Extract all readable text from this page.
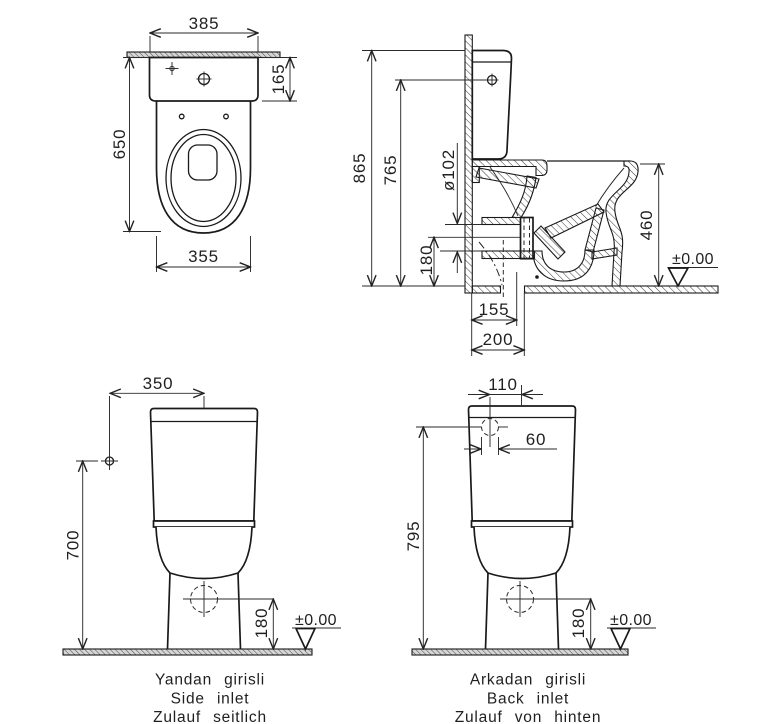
385
165
650
355
865 765 ø102
180
460
155
200
±0.00
350
700
180 ±0.00
Yandan girisli
Side inlet
Zulauf seitlich
110
60
795
180 ±0.00
Arkadan girisli
Back inlet
Zulauf von hinten
